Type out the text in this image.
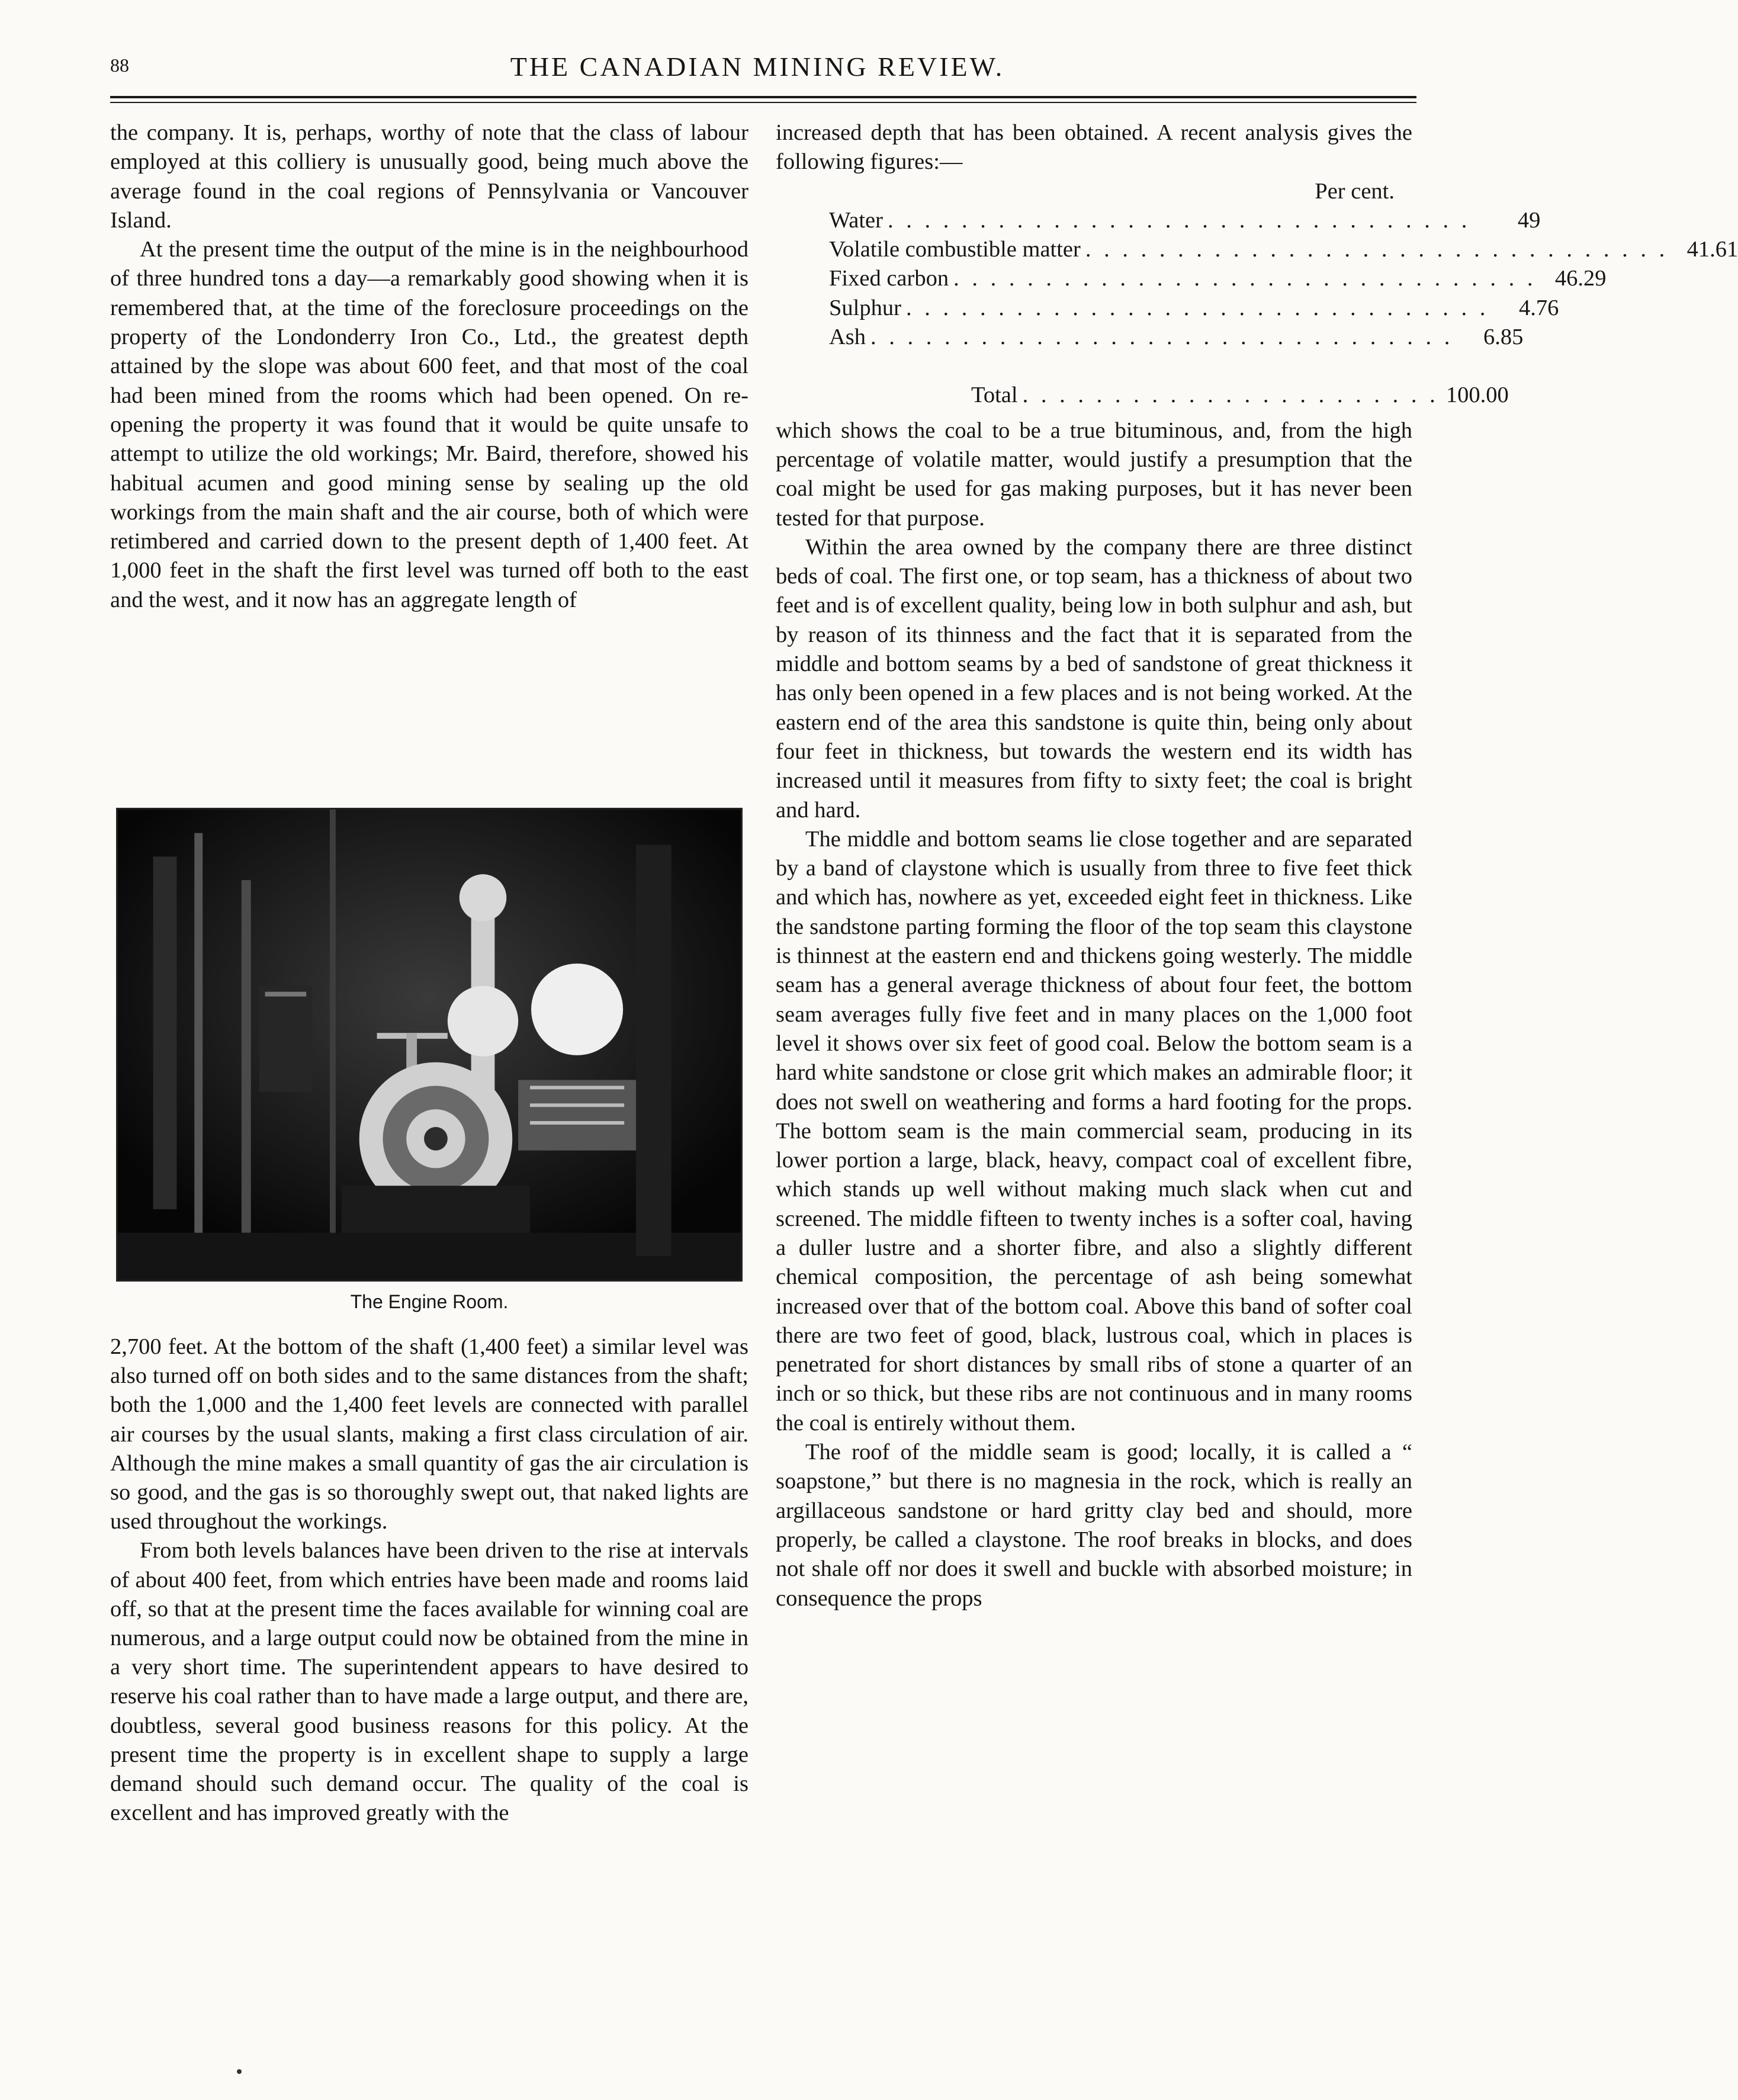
88	THE CANADIAN MINING REVIEW.

the company. It is, perhaps, worthy of note that the class of labour employed at this colliery is unusually good, being much above the average found in the coal regions of Pennsylvania or Vancouver Island.

At the present time the output of the mine is in the neighbourhood of three hundred tons a day—a remarkably good showing when it is remembered that, at the time of the foreclosure proceedings on the property of the Londonderry Iron Co., Ltd., the greatest depth attained by the slope was about 600 feet, and that most of the coal had been mined from the rooms which had been opened. On re-opening the property it was found that it would be quite unsafe to attempt to utilize the old workings; Mr. Baird, therefore, showed his habitual acumen and good mining sense by sealing up the old workings from the main shaft and the air course, both of which were retimbered and carried down to the present depth of 1,400 feet. At 1,000 feet in the shaft the first level was turned off both to the east and the west, and it now has an aggregate length of

The Engine Room.

2,700 feet. At the bottom of the shaft (1,400 feet) a similar level was also turned off on both sides and to the same distances from the shaft; both the 1,000 and the 1,400 feet levels are connected with parallel air courses by the usual slants, making a first class circulation of air. Although the mine makes a small quantity of gas the air circulation is so good, and the gas is so thoroughly swept out, that naked lights are used throughout the workings.

From both levels balances have been driven to the rise at intervals of about 400 feet, from which entries have been made and rooms laid off, so that at the present time the faces available for winning coal are numerous, and a large output could now be obtained from the mine in a very short time. The superintendent appears to have desired to reserve his coal rather than to have made a large output, and there are, doubtless, several good business reasons for this policy. At the present time the property is in excellent shape to supply a large demand should such demand occur. The quality of the coal is excellent and has improved greatly with the

increased depth that has been obtained. A recent analysis gives the following figures:—

Per cent.
Water . . . . . . . . . . . . . . . . . . . . . . . . . . . . . . . .	49
Volatile combustible matter . . . . . . . . . . . . . . . . . . . . . . . . . . . . . . . . 41.61
Fixed carbon . . . . . . . . . . . . . . . . . . . . . . . . . . . . . . . . 46.29
Sulphur . . . . . . . . . . . . . . . . . . . . . . . . . . . . . . . .	4.76
Ash . . . . . . . . . . . . . . . . . . . . . . . . . . . . . . . .	6.85
Total . . . . . . . . . . . . . . . . . . . . . . . 100.00

which shows the coal to be a true bituminous, and, from the high percentage of volatile matter, would justify a presumption that the coal might be used for gas making purposes, but it has never been tested for that purpose.

Within the area owned by the company there are three distinct beds of coal. The first one, or top seam, has a thickness of about two feet and is of excellent quality, being low in both sulphur and ash, but by reason of its thinness and the fact that it is separated from the middle and bottom seams by a bed of sandstone of great thickness it has only been opened in a few places and is not being worked. At the eastern end of the area this sandstone is quite thin, being only about four feet in thickness, but towards the western end its width has increased until it measures from fifty to sixty feet; the coal is bright and hard.

The middle and bottom seams lie close together and are separated by a band of claystone which is usually from three to five feet thick and which has, nowhere as yet, exceeded eight feet in thickness. Like the sandstone parting forming the floor of the top seam this claystone is thinnest at the eastern end and thickens going westerly. The middle seam has a general average thickness of about four feet, the bottom seam averages fully five feet and in many places on the 1,000 foot level it shows over six feet of good coal. Below the bottom seam is a hard white sandstone or close grit which makes an admirable floor; it does not swell on weathering and forms a hard footing for the props. The bottom seam is the main commercial seam, producing in its lower portion a large, black, heavy, compact coal of excellent fibre, which stands up well without making much slack when cut and screened. The middle fifteen to twenty inches is a softer coal, having a duller lustre and a shorter fibre, and also a slightly different chemical composition, the percentage of ash being somewhat increased over that of the bottom coal. Above this band of softer coal there are two feet of good, black, lustrous coal, which in places is penetrated for short distances by small ribs of stone a quarter of an inch or so thick, but these ribs are not continuous and in many rooms the coal is entirely without them.

The roof of the middle seam is good; locally, it is called a “ soapstone,” but there is no magnesia in the rock, which is really an argillaceous sandstone or hard gritty clay bed and should, more properly, be called a claystone. The roof breaks in blocks, and does not shale off nor does it swell and buckle with absorbed moisture; in consequence the props
